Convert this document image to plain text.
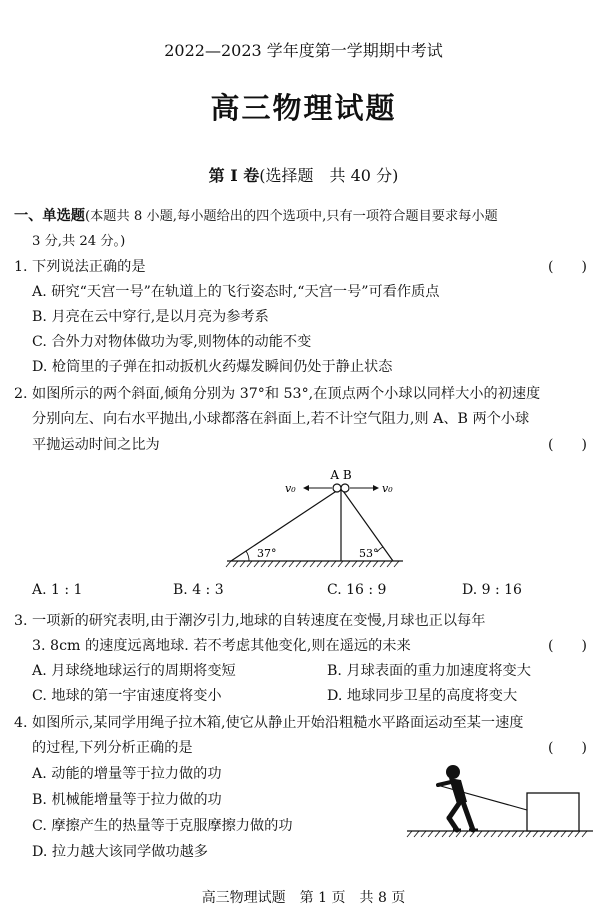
2022—2023 学年度第一学期期中考试
高三物理试题
第 I 卷(选择题　共 40 分)
一、单选题(本题共 8 小题,每小题给出的四个选项中,只有一项符合题目要求每小题
3 分,共 24 分。)
1. 下列说法正确的是	(　　)
A. 研究“天宫一号”在轨道上的飞行姿态时,“天宫一号”可看作质点
B. 月亮在云中穿行,是以月亮为参考系
C. 合外力对物体做功为零,则物体的动能不变
D. 枪筒里的子弹在扣动扳机火药爆发瞬间仍处于静止状态
2. 如图所示的两个斜面,倾角分别为 37°和 53°,在顶点两个小球以同样大小的初速度
分别向左、向右水平抛出,小球都落在斜面上,若不计空气阻力,则 A、B 两个小球
平抛运动时间之比为	(　　)
A B
v₀	v₀
37°	53°
A. 1 : 1	B. 4 : 3	C. 16 : 9	D. 9 : 16
3. 一项新的研究表明,由于潮汐引力,地球的自转速度在变慢,月球也正以每年
3. 8cm 的速度远离地球. 若不考虑其他变化,则在遥远的未来	(　　)
A. 月球绕地球运行的周期将变短	B. 月球表面的重力加速度将变大
C. 地球的第一宇宙速度将变小	D. 地球同步卫星的高度将变大
4. 如图所示,某同学用绳子拉木箱,使它从静止开始沿粗糙水平路面运动至某一速度
的过程,下列分析正确的是	(　　)
A. 动能的增量等于拉力做的功
B. 机械能增量等于拉力做的功
C. 摩擦产生的热量等于克服摩擦力做的功
D. 拉力越大该同学做功越多
高三物理试题　第 1 页　共 8 页
